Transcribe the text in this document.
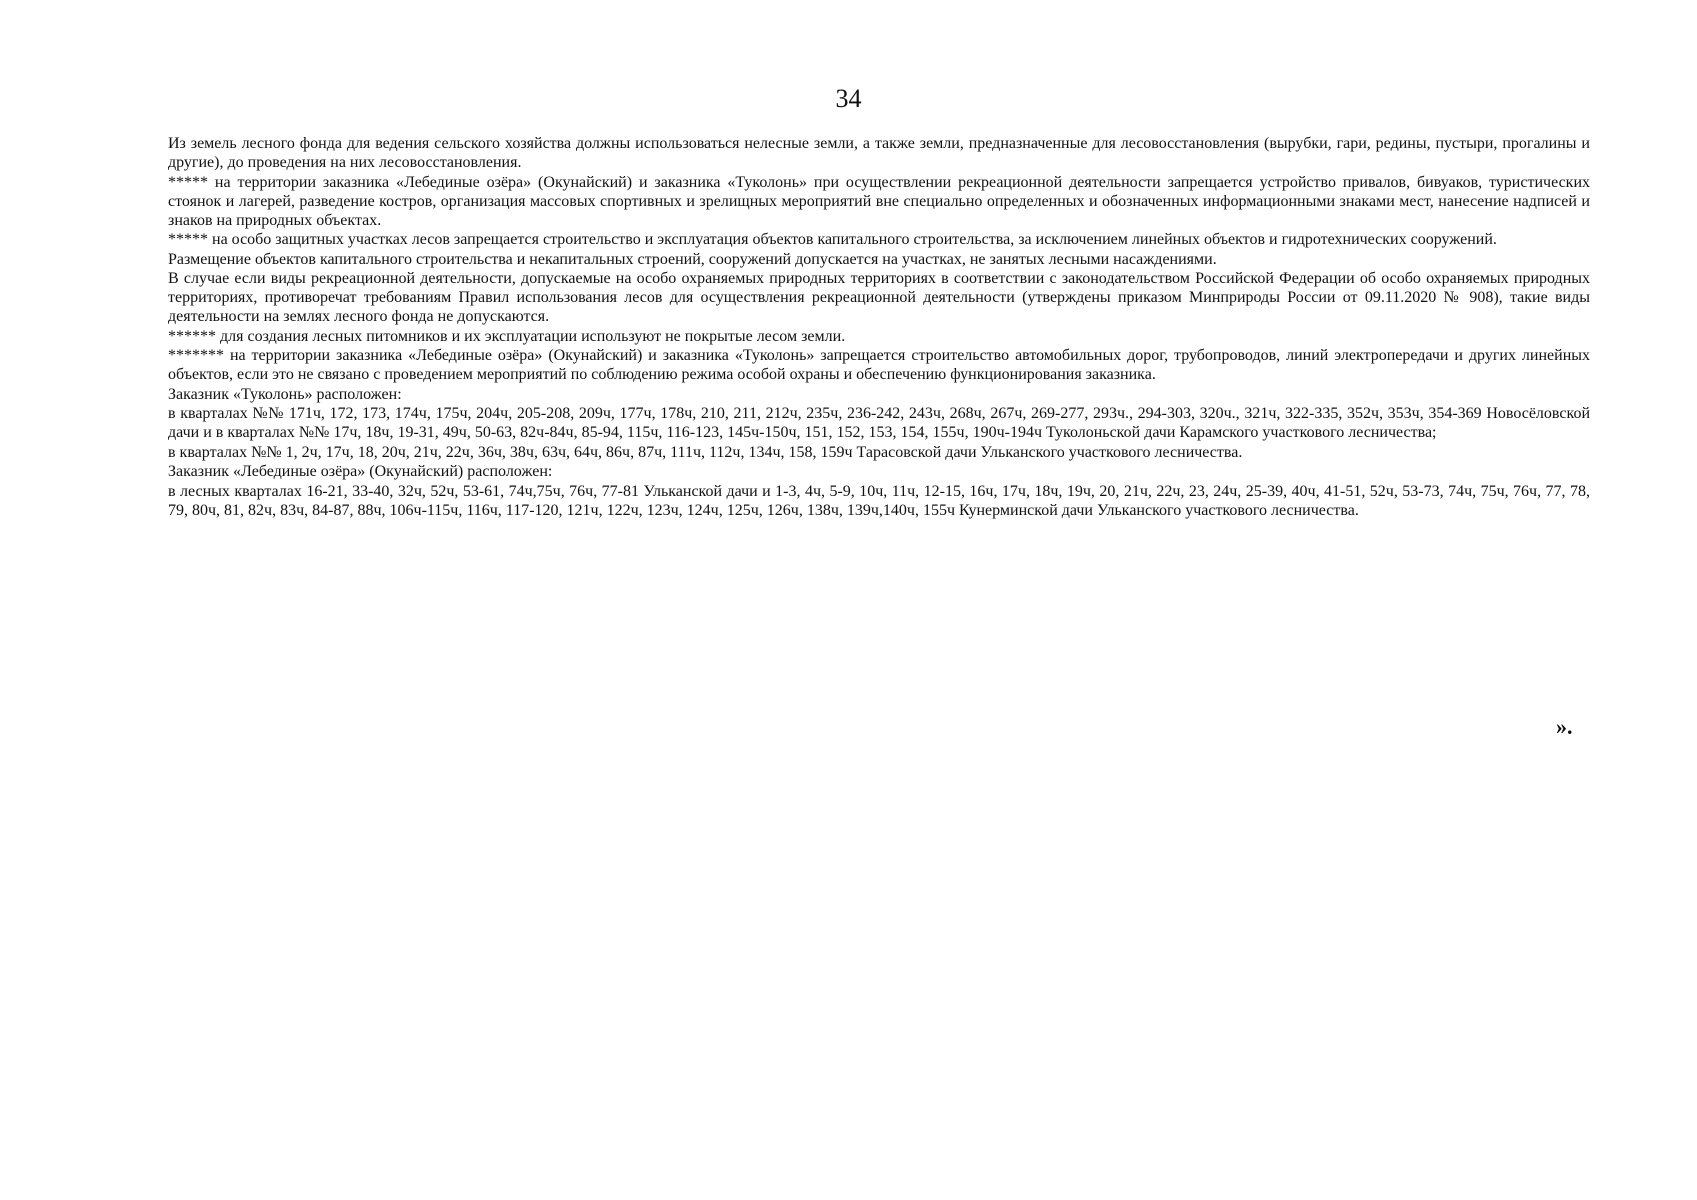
34

Из земель лесного фонда для ведения сельского хозяйства должны использоваться нелесные земли, а также земли, предназначенные для лесовосстановления (вырубки, гари, редины, пустыри, прогалины и другие), до проведения на них лесовосстановления.

***** на территории заказника «Лебединые озёра» (Окунайский) и заказника «Туколонь» при осуществлении рекреационной деятельности запрещается устройство привалов, бивуаков, туристических стоянок и лагерей, разведение костров, организация массовых спортивных и зрелищных мероприятий вне специально определенных и обозначенных информационными знаками мест, нанесение надписей и знаков на природных объектах.

***** на особо защитных участках лесов запрещается строительство и эксплуатация объектов капитального строительства, за исключением линейных объектов и гидротехнических сооружений.

Размещение объектов капитального строительства и некапитальных строений, сооружений допускается на участках, не занятых лесными насаждениями.

В случае если виды рекреационной деятельности, допускаемые на особо охраняемых природных территориях в соответствии с законодательством Российской Федерации об особо охраняемых природных территориях, противоречат требованиям Правил использования лесов для осуществления рекреационной деятельности (утверждены приказом Минприроды России от 09.11.2020 № 908), такие виды деятельности на землях лесного фонда не допускаются.

****** для создания лесных питомников и их эксплуатации используют не покрытые лесом земли.

******* на территории заказника «Лебединые озёра» (Окунайский) и заказника «Туколонь» запрещается строительство автомобильных дорог, трубопроводов, линий электропередачи и других линейных объектов, если это не связано с проведением мероприятий по соблюдению режима особой охраны и обеспечению функционирования заказника.

Заказник «Туколонь» расположен:

в кварталах №№ 171ч, 172, 173, 174ч, 175ч, 204ч, 205-208, 209ч, 177ч, 178ч, 210, 211, 212ч, 235ч, 236-242, 243ч, 268ч, 267ч, 269-277, 293ч., 294-303, 320ч., 321ч, 322-335, 352ч, 353ч, 354-369 Новосёловской дачи и в кварталах №№ 17ч, 18ч, 19-31, 49ч, 50-63, 82ч-84ч, 85-94, 115ч, 116-123, 145ч-150ч, 151, 152, 153, 154, 155ч, 190ч-194ч Туколоньской дачи Карамского участкового лесничества;

в кварталах №№ 1, 2ч, 17ч, 18, 20ч, 21ч, 22ч, 36ч, 38ч, 63ч, 64ч, 86ч, 87ч, 111ч, 112ч, 134ч, 158, 159ч Тарасовской дачи Ульканского участкового лесничества.

Заказник «Лебединые озёра» (Окунайский) расположен:

в лесных кварталах 16-21, 33-40, 32ч, 52ч, 53-61, 74ч,75ч, 76ч, 77-81 Ульканской дачи и 1-3, 4ч, 5-9, 10ч, 11ч, 12-15, 16ч, 17ч, 18ч, 19ч, 20, 21ч, 22ч, 23, 24ч, 25-39, 40ч, 41-51, 52ч, 53-73, 74ч, 75ч, 76ч, 77, 78, 79, 80ч, 81, 82ч, 83ч, 84-87, 88ч, 106ч-115ч, 116ч, 117-120, 121ч, 122ч, 123ч, 124ч, 125ч, 126ч, 138ч, 139ч,140ч, 155ч Кунерминской дачи Ульканского участкового лесничества.

».
